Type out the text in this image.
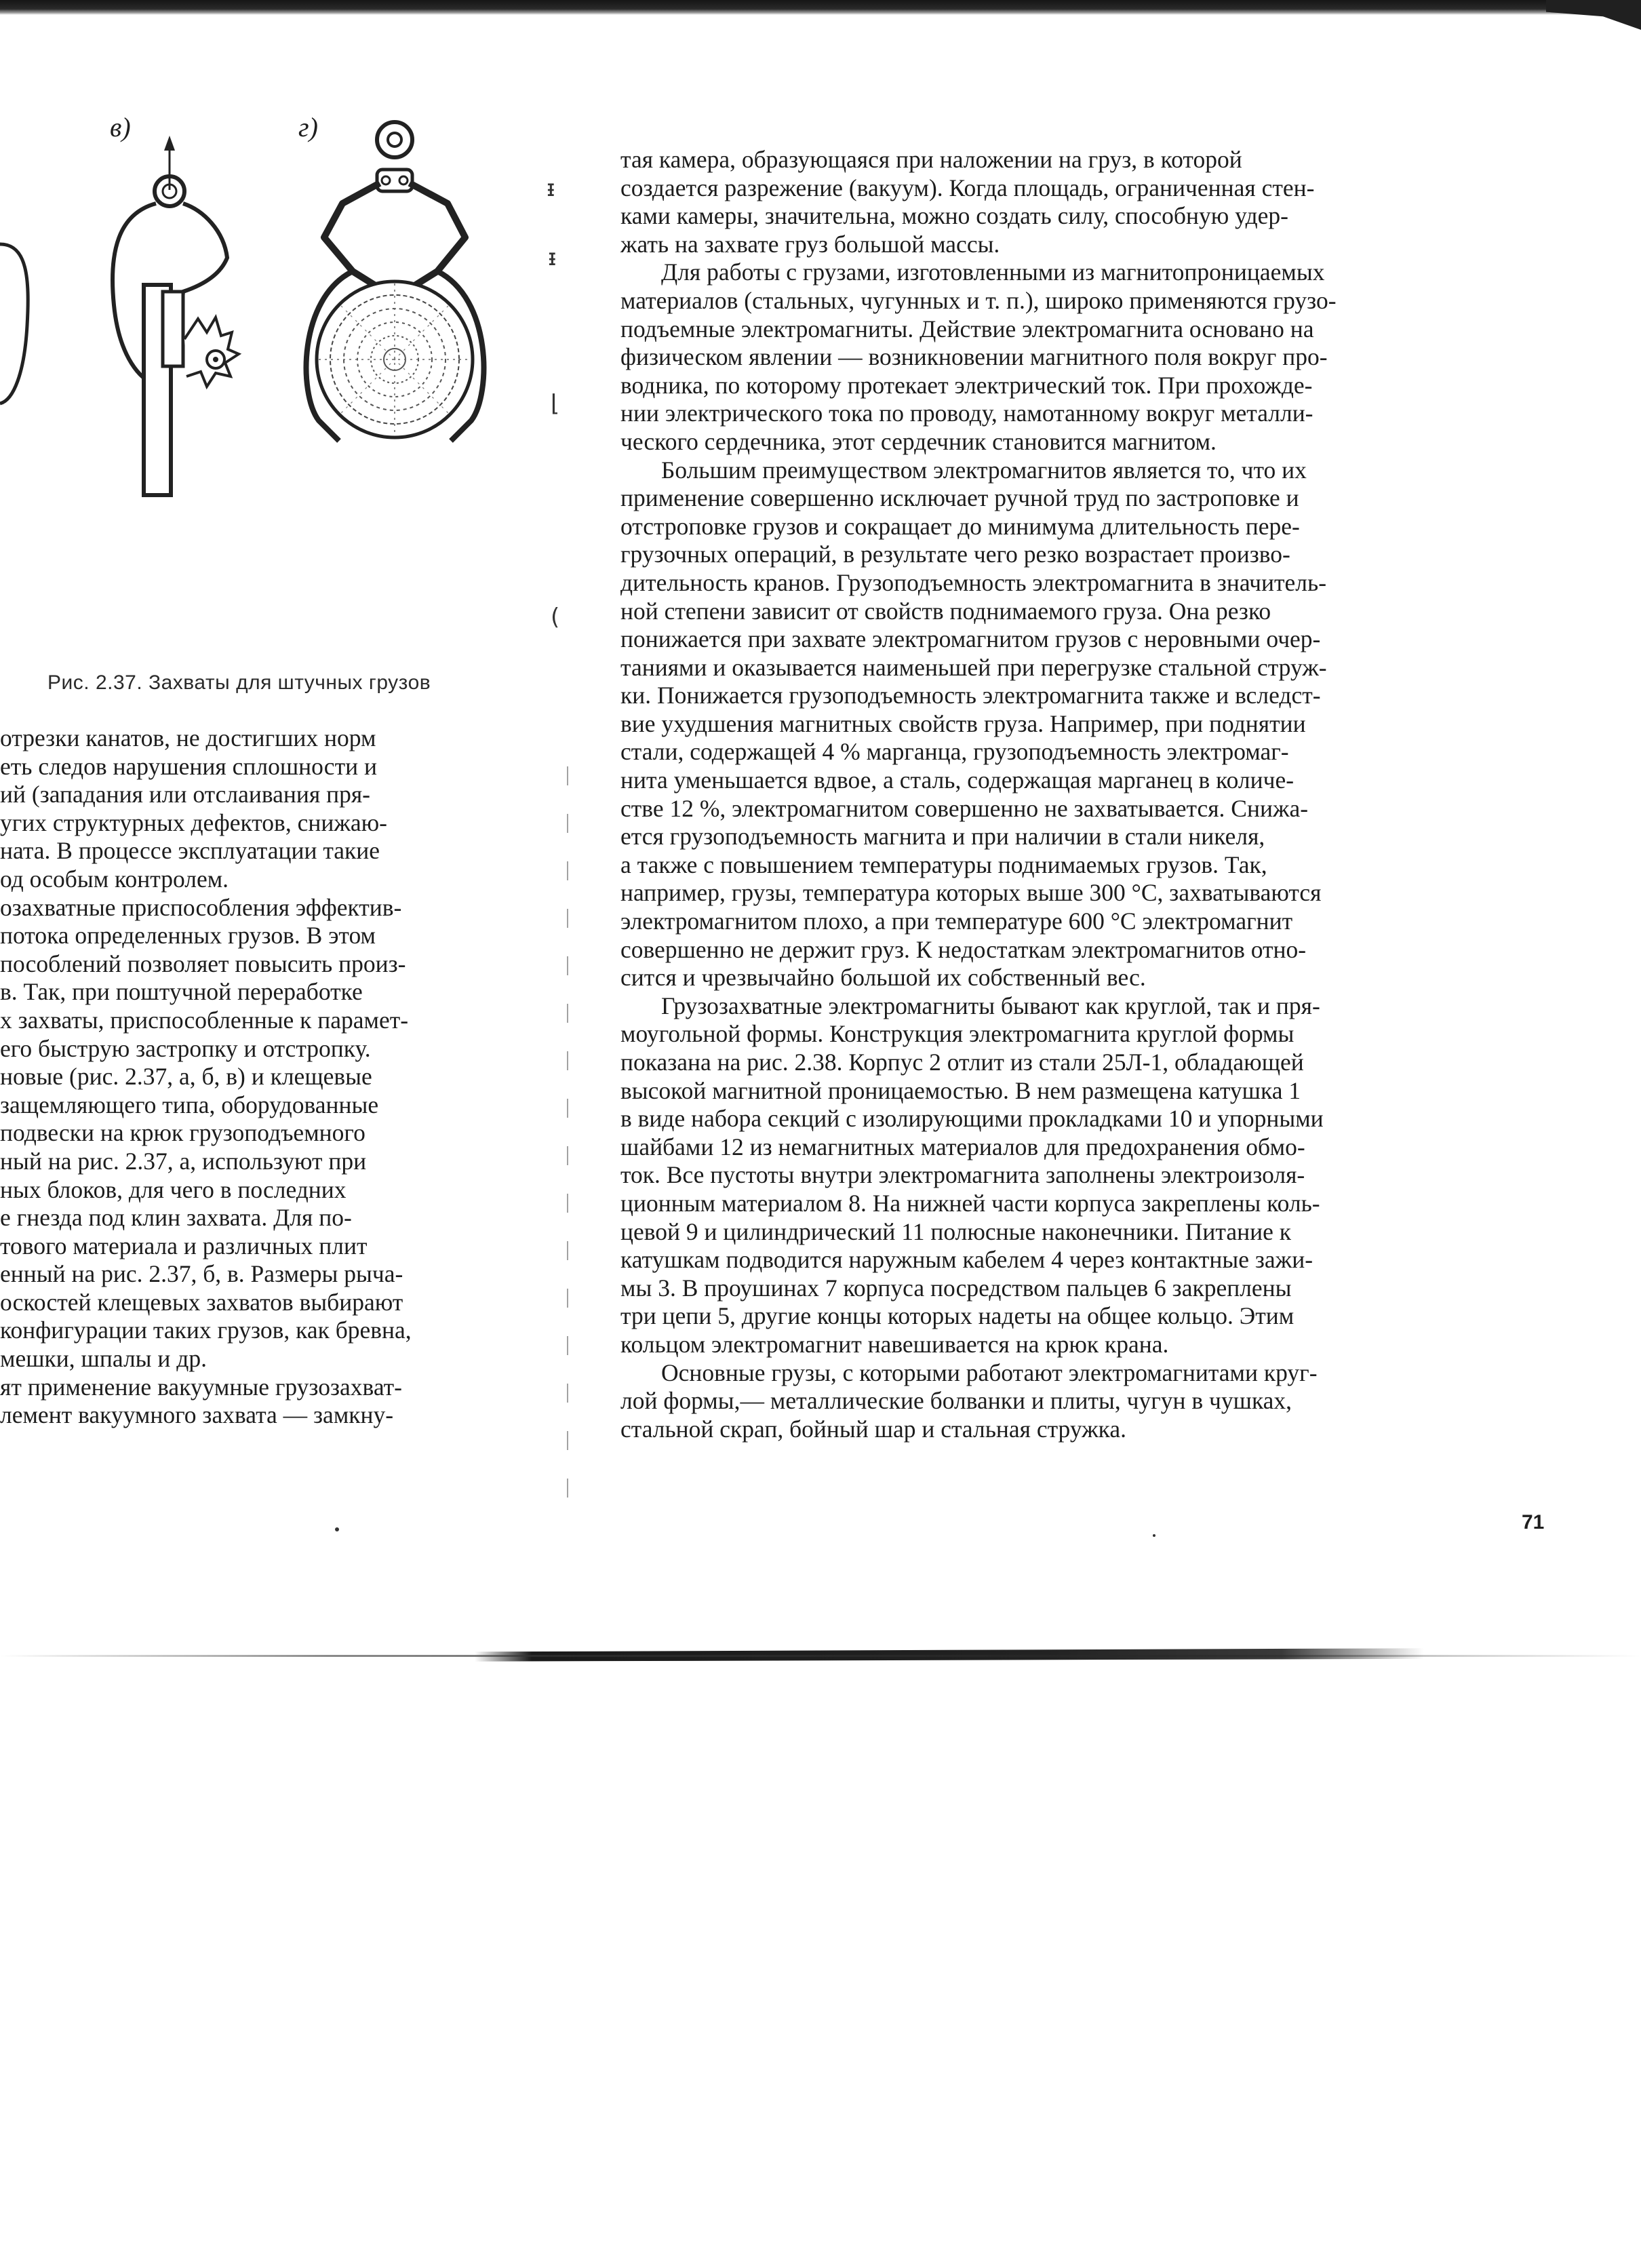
в)	г)
Рис. 2.37. Захваты для штучных грузов
отрезки канатов, не достигших норм
еть следов нарушения сплошности и
ий (западания или отслаивания пря-
угих структурных дефектов, снижаю-
ната. В процессе эксплуатации такие
од особым контролем.
озахватные приспособления эффектив-
потока определенных грузов. В этом
пособлений позволяет повысить произ-
в. Так, при поштучной переработке
х захваты, приспособленные к парамет-
его быструю застропку и отстропку.
новые (рис. 2.37, а, б, в) и клещевые
защемляющего типа, оборудованные
подвески на крюк грузоподъемного
ный на рис. 2.37, а, используют при
ных блоков, для чего в последних
е гнезда под клин захвата. Для по-
тового материала и различных плит
енный на рис. 2.37, б, в. Размеры рыча-
оскостей клещевых захватов выбирают
конфигурации таких грузов, как бревна,
мешки, шпалы и др.
ят применение вакуумные грузозахват-
лемент вакуумного захвата — замкну-
тая камера, образующаяся при наложении на груз, в которой
создается разрежение (вакуум). Когда площадь, ограниченная стен-
ками камеры, значительна, можно создать силу, способную удер-
жать на захвате груз большой массы.
Для работы с грузами, изготовленными из магнитопроницаемых
материалов (стальных, чугунных и т. п.), широко применяются грузо-
подъемные электромагниты. Действие электромагнита основано на
физическом явлении — возникновении магнитного поля вокруг про-
водника, по которому протекает электрический ток. При прохожде-
нии электрического тока по проводу, намотанному вокруг металли-
ческого сердечника, этот сердечник становится магнитом.
Большим преимуществом электромагнитов является то, что их
применение совершенно исключает ручной труд по застроповке и
отстроповке грузов и сокращает до минимума длительность пере-
грузочных операций, в результате чего резко возрастает произво-
дительность кранов. Грузоподъемность электромагнита в значитель-
ной степени зависит от свойств поднимаемого груза. Она резко
понижается при захвате электромагнитом грузов с неровными очер-
таниями и оказывается наименьшей при перегрузке стальной струж-
ки. Понижается грузоподъемность электромагнита также и вследст-
вие ухудшения магнитных свойств груза. Например, при поднятии
стали, содержащей 4 % марганца, грузоподъемность электромаг-
нита уменьшается вдвое, а сталь, содержащая марганец в количе-
стве 12 %, электромагнитом совершенно не захватывается. Снижа-
ется грузоподъемность магнита и при наличии в стали никеля,
а также с повышением температуры поднимаемых грузов. Так,
например, грузы, температура которых выше 300 °С, захватываются
электромагнитом плохо, а при температуре 600 °С электромагнит
совершенно не держит груз. К недостаткам электромагнитов отно-
сится и чрезвычайно большой их собственный вес.
Грузозахватные электромагниты бывают как круглой, так и пря-
моугольной формы. Конструкция электромагнита круглой формы
показана на рис. 2.38. Корпус 2 отлит из стали 25Л-1, обладающей
высокой магнитной проницаемостью. В нем размещена катушка 1
в виде набора секций с изолирующими прокладками 10 и упорными
шайбами 12 из немагнитных материалов для предохранения обмо-
ток. Все пустоты внутри электромагнита заполнены электроизоля-
ционным материалом 8. На нижней части корпуса закреплены коль-
цевой 9 и цилиндрический 11 полюсные наконечники. Питание к
катушкам подводится наружным кабелем 4 через контактные зажи-
мы 3. В проушинах 7 корпуса посредством пальцев 6 закреплены
три цепи 5, другие концы которых надеты на общее кольцо. Этим
кольцом электромагнит навешивается на крюк крана.
Основные грузы, с которыми работают электромагнитами круг-
лой формы,— металлические болванки и плиты, чугун в чушках,
стальной скрап, бойный шар и стальная стружка.
ᵻ
ᵻ
⌊
(
71
